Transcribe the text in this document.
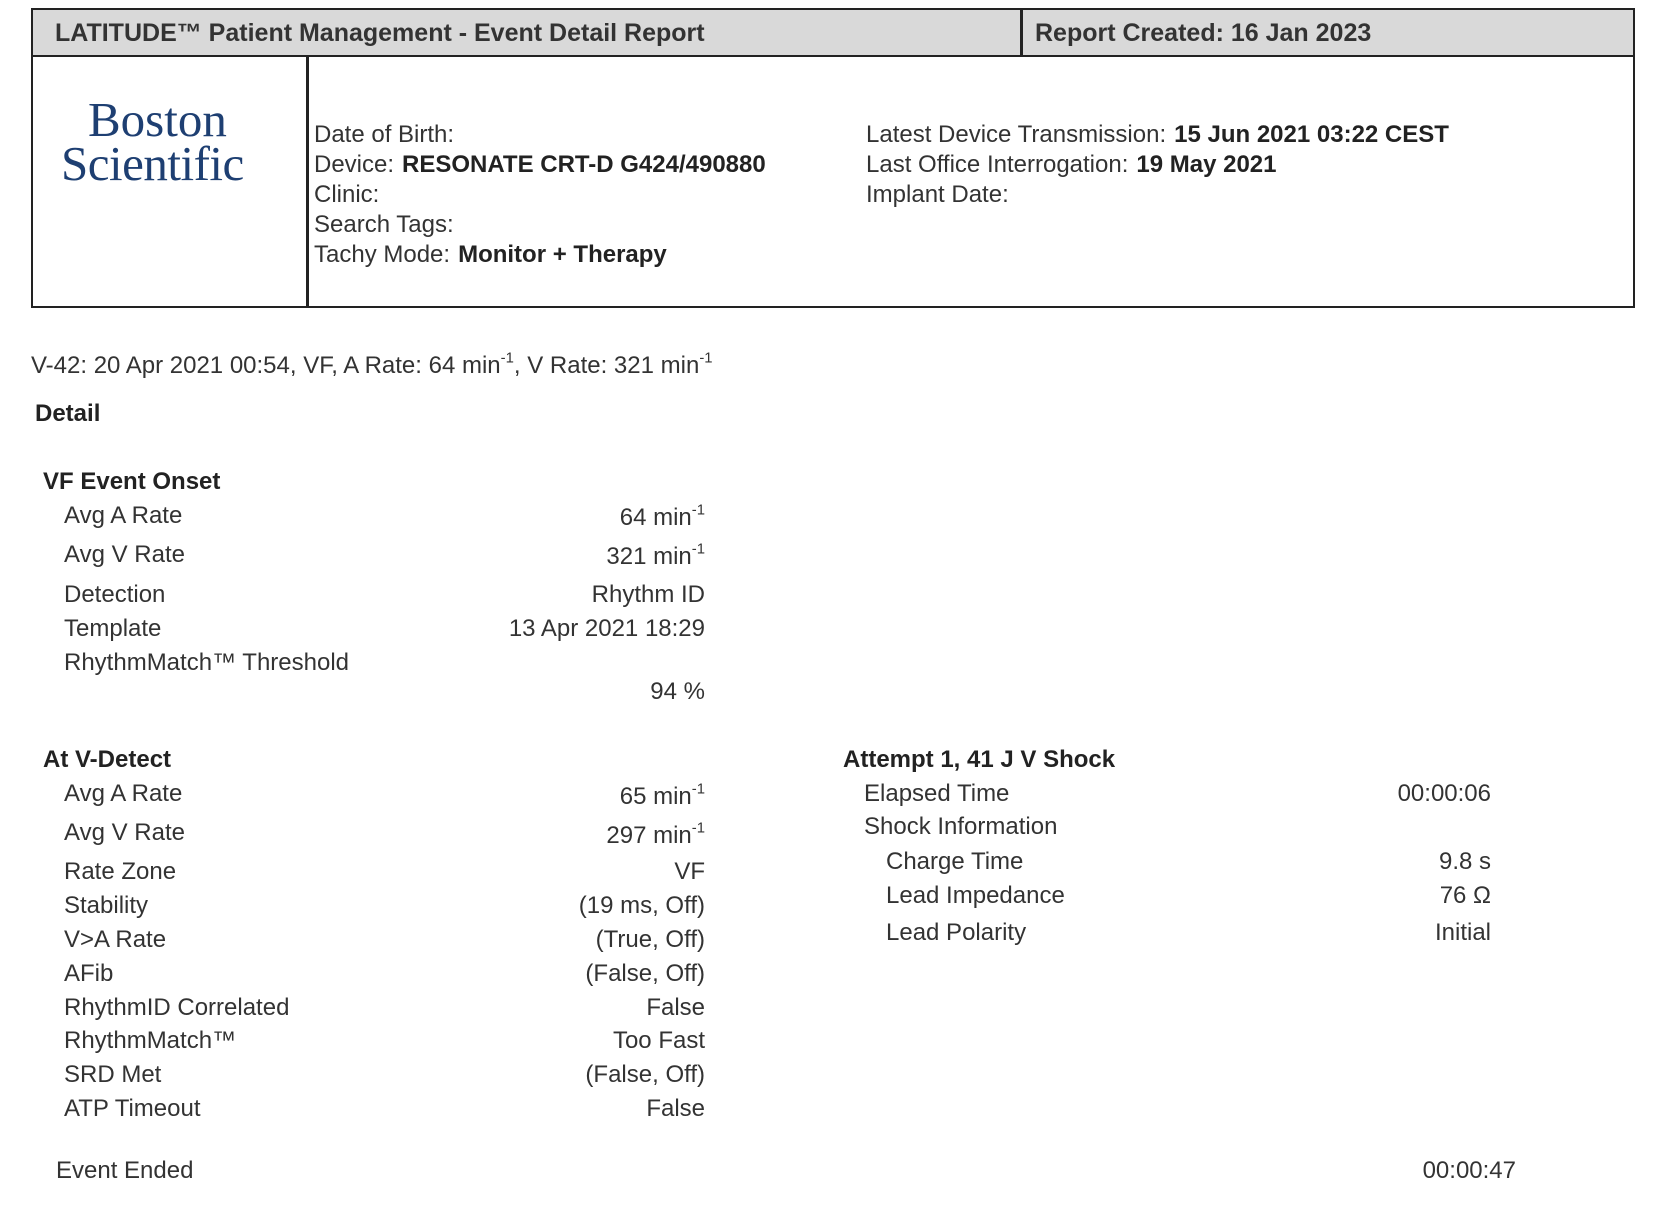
LATITUDE™ Patient Management - Event Detail Report	Report Created: 16 Jan 2023
Boston
Scientific
Date of Birth:
Device: RESONATE CRT-D G424/490880
Clinic:
Search Tags:
Tachy Mode: Monitor + Therapy
Latest Device Transmission: 15 Jun 2021 03:22 CEST
Last Office Interrogation: 19 May 2021
Implant Date:
V-42: 20 Apr 2021 00:54, VF, A Rate: 64 $\min^{-1}$, V Rate: 321 $\min^{-1}$
Detail
VF Event Onset
Avg A Rate	64 $\min^{-1}$
Avg V Rate	321 $\min^{-1}$
Detection	Rhythm ID
Template	13 Apr 2021 18:29
RhythmMatch™ Threshold
94 %
At V-Detect
Avg A Rate	65 $\min^{-1}$
Avg V Rate	297 $\min^{-1}$
Rate Zone	VF
Stability	(19 ms, Off)
V>A Rate	(True, Off)
AFib	(False, Off)
RhythmID Correlated	False
RhythmMatch™	Too Fast
SRD Met	(False, Off)
ATP Timeout	False
Attempt 1, 41 J V Shock
Elapsed Time	00:00:06
Shock Information
Charge Time	9.8 s
Lead Impedance	76 Ω
Lead Polarity	Initial
Event Ended	00:00:47
